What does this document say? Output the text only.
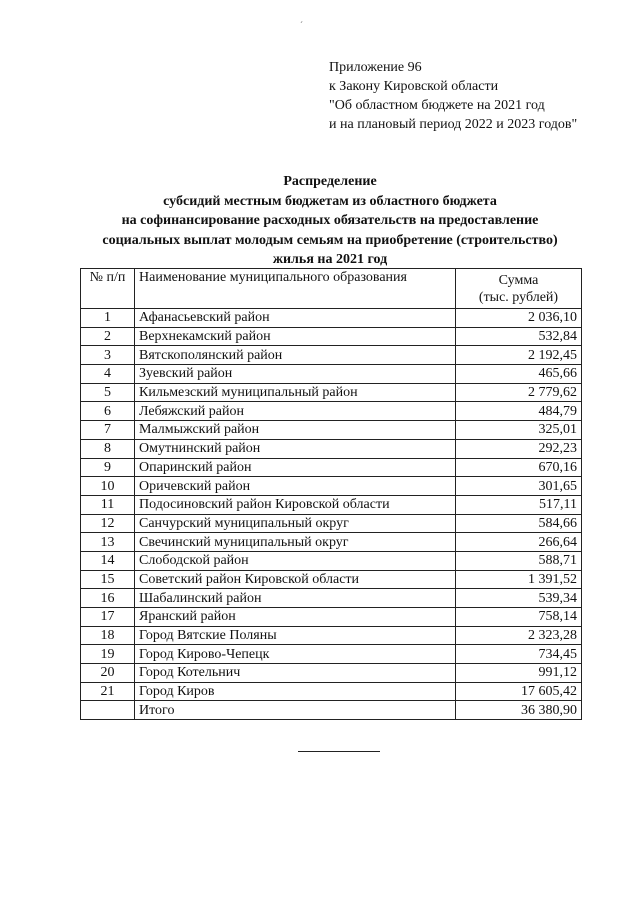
ˊ
Приложение 96
к Закону Кировской области
"Об областном бюджете на 2021 год
и на плановый период 2022 и 2023 годов"
Распределение
субсидий местным бюджетам из областного бюджета
на софинансирование расходных обязательств на предоставление
социальных выплат молодым семьям на приобретение (строительство)
жилья на 2021 год
№ п/п	Наименование муниципального образования	Сумма
(тыс. рублей)

1	Афанасьевский район	2 036,10
2	Верхнекамский район	532,84
3	Вятскополянский район	2 192,45
4	Зуевский район	465,66
5	Кильмезский муниципальный район	2 779,62
6	Лебяжский район	484,79
7	Малмыжский район	325,01
8	Омутнинский район	292,23
9	Опаринский район	670,16
10	Оричевский район	301,65
11	Подосиновский район Кировской области	517,11
12	Санчурский муниципальный округ	584,66
13	Свечинский муниципальный округ	266,64
14	Слободской район	588,71
15	Советский район Кировской области	1 391,52
16	Шабалинский район	539,34
17	Яранский район	758,14
18	Город Вятские Поляны	2 323,28
19	Город Кирово-Чепецк	734,45
20	Город Котельнич	991,12
21	Город Киров	17 605,42
	Итого	36 380,90
